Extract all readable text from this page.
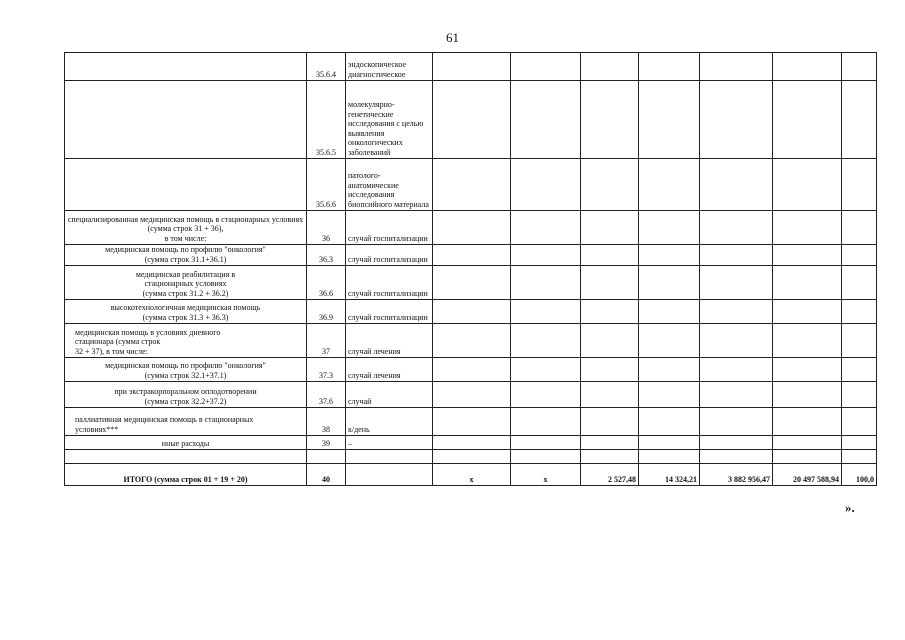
61
	35.6.4	эндоскопическое диагностическое							
	35.6.5	молекулярно-генетические исследования с целью выявления онкологических заболеваний							
	35.6.6	патолого-анатомические исследования биопсийного материала							
специализированная медицинская помощь в стационарных условиях (сумма строк 31 + 36),
в том числе:	36	случай госпитализации							
медицинская помощь по профилю "онкология"
(сумма строк 31.1+36.1)	36.3	случай госпитализации							
медицинская реабилитация в
стационарных условиях
(сумма строк 31.2 + 36.2)	36.6	случай госпитализации							
высокотехнологичная медицинская помощь
(сумма строк 31.3 + 36.3)	36.9	случай госпитализации							
медицинская помощь в условиях дневного
стационара (сумма строк
32 + 37), в том числе:	37	случай лечения							
медицинская помощь по профилю "онкология"
(сумма строк 32.1+37.1)	37.3	случай лечения							
при экстракорпоральном оплодотворении
(сумма строк 32.2+37.2)	37.6	случай							
паллиативная медицинская помощь в стационарных
условиях***	38	к/день							
иные расходы	39	–							

ИТОГО (сумма строк 01 + 19 + 20)	40		x	x	2 527,48	14 324,21	3 882 956,47	20 497 588,94	100,0
».
